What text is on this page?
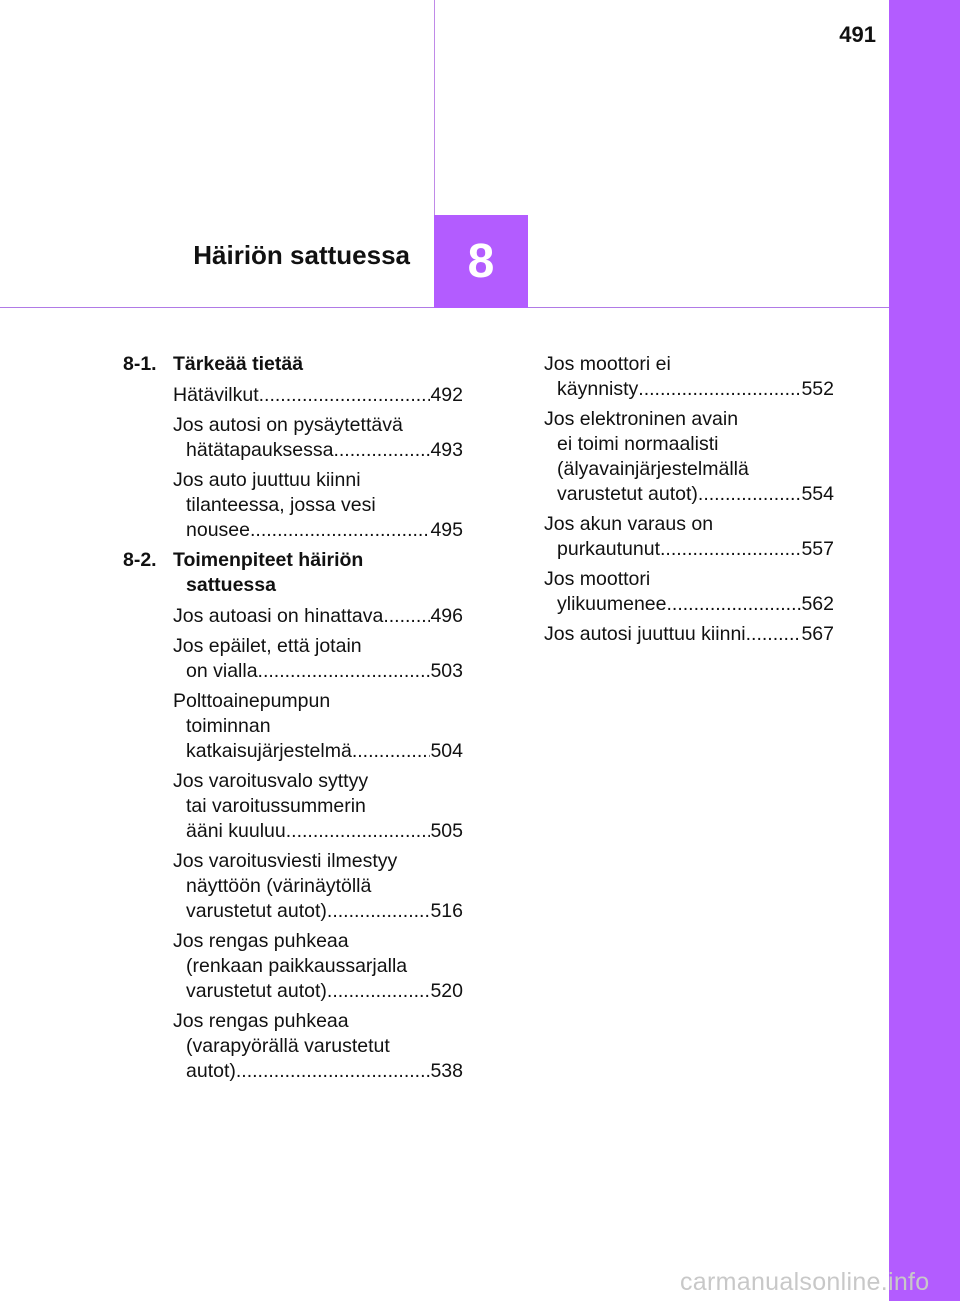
491
8
Häiriön sattuessa
8-1. Tärkeää tietää
Hätävilkut .....	492
Jos autosi on pysäytettävä
hätätapauksessa .....	493
Jos auto juuttuu kiinni
tilanteessa, jossa vesi
nousee .....	495
8-2. Toimenpiteet häiriön
sattuessa
Jos autoasi on hinattava ..... 496
Jos epäilet, että jotain
on vialla .....	503
Polttoainepumpun
toiminnan
katkaisujärjestelmä .....	504
Jos varoitusvalo syttyy
tai varoitussummerin
ääni kuuluu .....	505
Jos varoitusviesti ilmestyy
näyttöön (värinäytöllä
varustetut autot) .....	516
Jos rengas puhkeaa
(renkaan paikkaussarjalla
varustetut autot) .....	520
Jos rengas puhkeaa
(varapyörällä varustetut
autot) .....	538
Jos moottori ei
käynnisty .....	552
Jos elektroninen avain
ei toimi normaalisti
(älyavainjärjestelmällä
varustetut autot) .....	554
Jos akun varaus on
purkautunut .....	557
Jos moottori
ylikuumenee .....	562
Jos autosi juuttuu kiinni .....	567
carmanualsonline.info
